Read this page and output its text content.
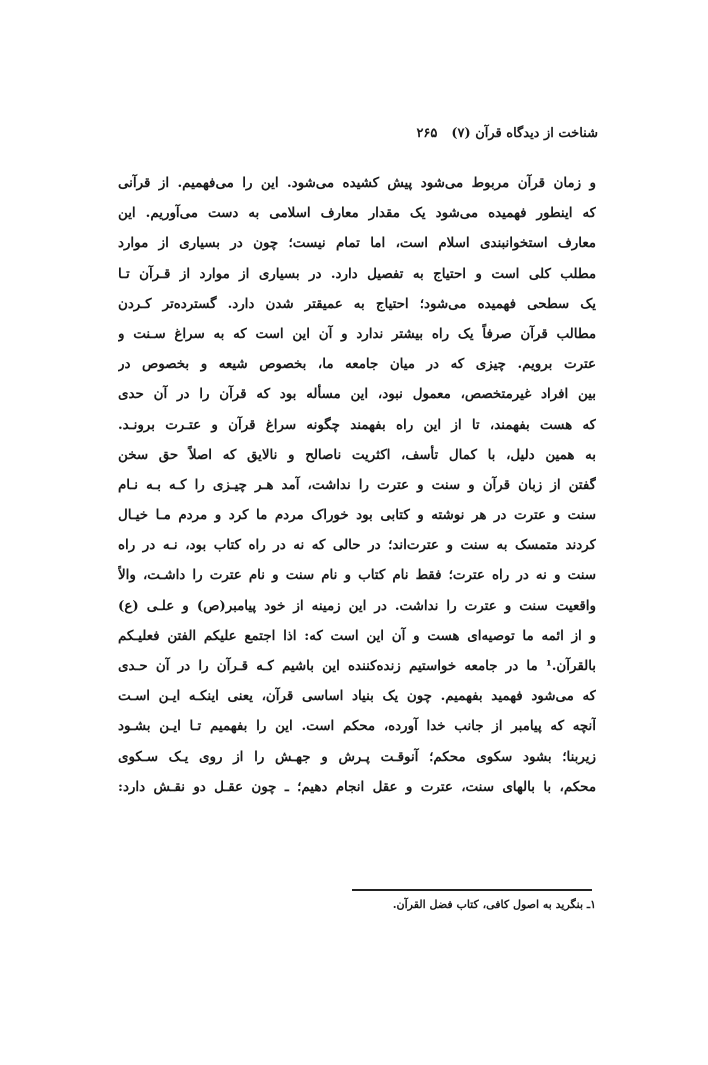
شناخت از دیدگاه قرآن (۷)
۲۶۵
و زمان قرآن مربوط می‌شود پیش کشیده می‌شود. این را می‌فهمیم. از قرآنی
که اینطور فهمیده می‌شود یک مقدار معارف اسلامی به دست می‌آوریم. این
معارف استخوانبندی اسلام است، اما تمام نیست؛ چون در بسیاری از موارد
مطلب کلی است و احتیاج به تفصیل دارد. در بسیاری از موارد از قـرآن تـا
یک سطحی فهمیده می‌شود؛ احتیاج به عمیقتر شدن دارد. گسترده‌تر کـردن
مطالب قرآن صرفاً یک راه بیشتر ندارد و آن این است که به سراغ سـنت و
عترت برویم. چیزی که در میان جامعه ما، بخصوص شیعه و بخصوص در
بین افراد غیرمتخصص، معمول نبود، این مسأله بود که قرآن را در آن حدی
که هست بفهمند، تا از این راه بفهمند چگونه سراغ قرآن و عتـرت برونـد.
به همین دلیل، با کمال تأسف، اکثریت ناصالح و نالایق که اصلاً حق سخن
گفتن از زبان قرآن و سنت و عترت را نداشت، آمد هـر چیـزی را کـه بـه نـام
سنت و عترت در هر نوشته و کتابی بود خوراک مردم ما کرد و مردم مـا خیـال
کردند متمسک به سنت و عترت‌اند؛ در حالی که نه در راه کتاب بود، نـه در راه
سنت و نه در راه عترت؛ فقط نام کتاب و نام سنت و نام عترت را داشـت، والاً
واقعیت سنت و عترت را نداشت. در این زمینه از خود پیامبر(ص) و علـی (ع)
و از ائمه ما توصیه‌ای هست و آن این است که: اذا اجتمع علیکم الفتن فعلیـکم
بالقرآن.¹ ما در جامعه خواستیم زنده‌کننده این باشیم کـه قـرآن را در آن حـدی
که می‌شود فهمید بفهمیم. چون یک بنیاد اساسی قرآن، یعنی اینکـه ایـن اسـت
آنچه که پیامبر از جانب خدا آورده، محکم است. این را بفهمیم تـا ایـن بشـود
زیربنا؛ بشود سکوی محکم؛ آنوقـت پـرش و جهـش را از روی یـک سـکوی
محکم، با بالهای سنت، عترت و عقل انجام دهیم؛ ـ چون عقـل دو نقـش دارد:
۱ـ بنگرید به اصول کافی، کتاب فضل القرآن.
